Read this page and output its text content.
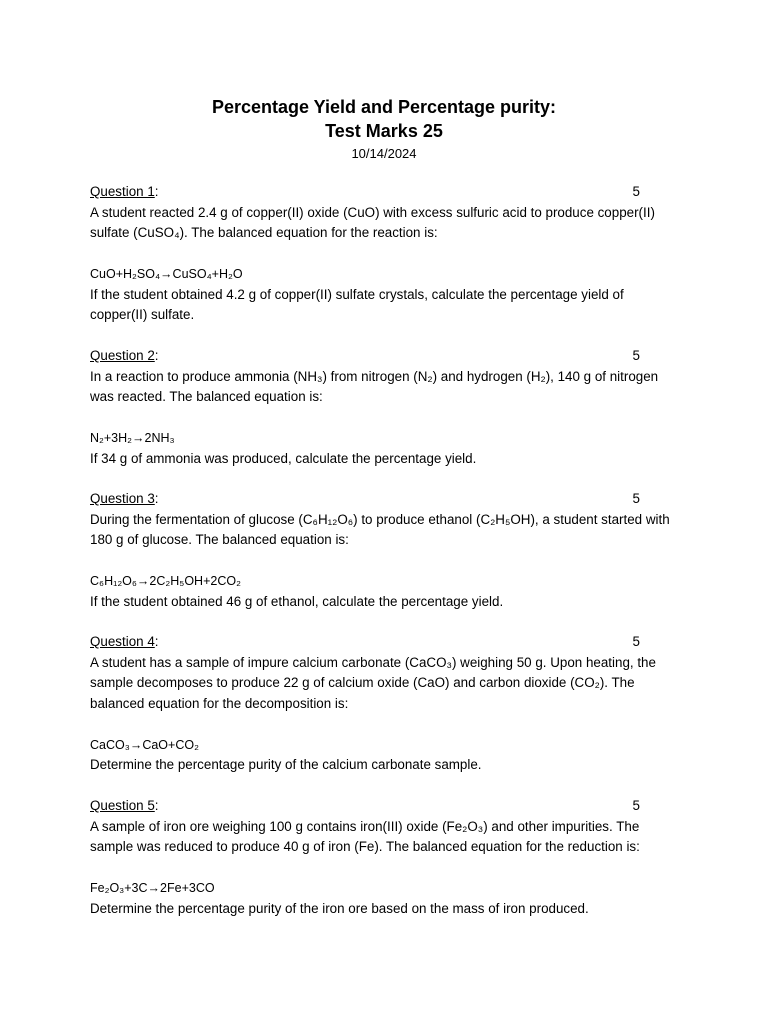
Percentage Yield and Percentage purity:
Test Marks 25
10/14/2024
Question 1:	5

A student reacted 2.4 g of copper(II) oxide (CuO) with excess sulfuric acid to produce copper(II) sulfate (CuSO₄). The balanced equation for the reaction is:

CuO+H₂SO₄→CuSO₄+H₂O

If the student obtained 4.2 g of copper(II) sulfate crystals, calculate the percentage yield of copper(II) sulfate.

Question 2:	5

In a reaction to produce ammonia (NH₃) from nitrogen (N₂) and hydrogen (H₂), 140 g of nitrogen was reacted. The balanced equation is:

N₂+3H₂→2NH₃

If 34 g of ammonia was produced, calculate the percentage yield.

Question 3:	5

During the fermentation of glucose (C₆H₁₂O₆) to produce ethanol (C₂H₅OH), a student started with 180 g of glucose. The balanced equation is:

C₆H₁₂O₆→2C₂H₅OH+2CO₂

If the student obtained 46 g of ethanol, calculate the percentage yield.

Question 4:	5

A student has a sample of impure calcium carbonate (CaCO₃) weighing 50 g. Upon heating, the sample decomposes to produce 22 g of calcium oxide (CaO) and carbon dioxide (CO₂). The balanced equation for the decomposition is:

CaCO₃→CaO+CO₂

Determine the percentage purity of the calcium carbonate sample.

Question 5:	5

A sample of iron ore weighing 100 g contains iron(III) oxide (Fe₂O₃) and other impurities. The sample was reduced to produce 40 g of iron (Fe). The balanced equation for the reduction is:

Fe₂O₃+3C→2Fe+3CO

Determine the percentage purity of the iron ore based on the mass of iron produced.
